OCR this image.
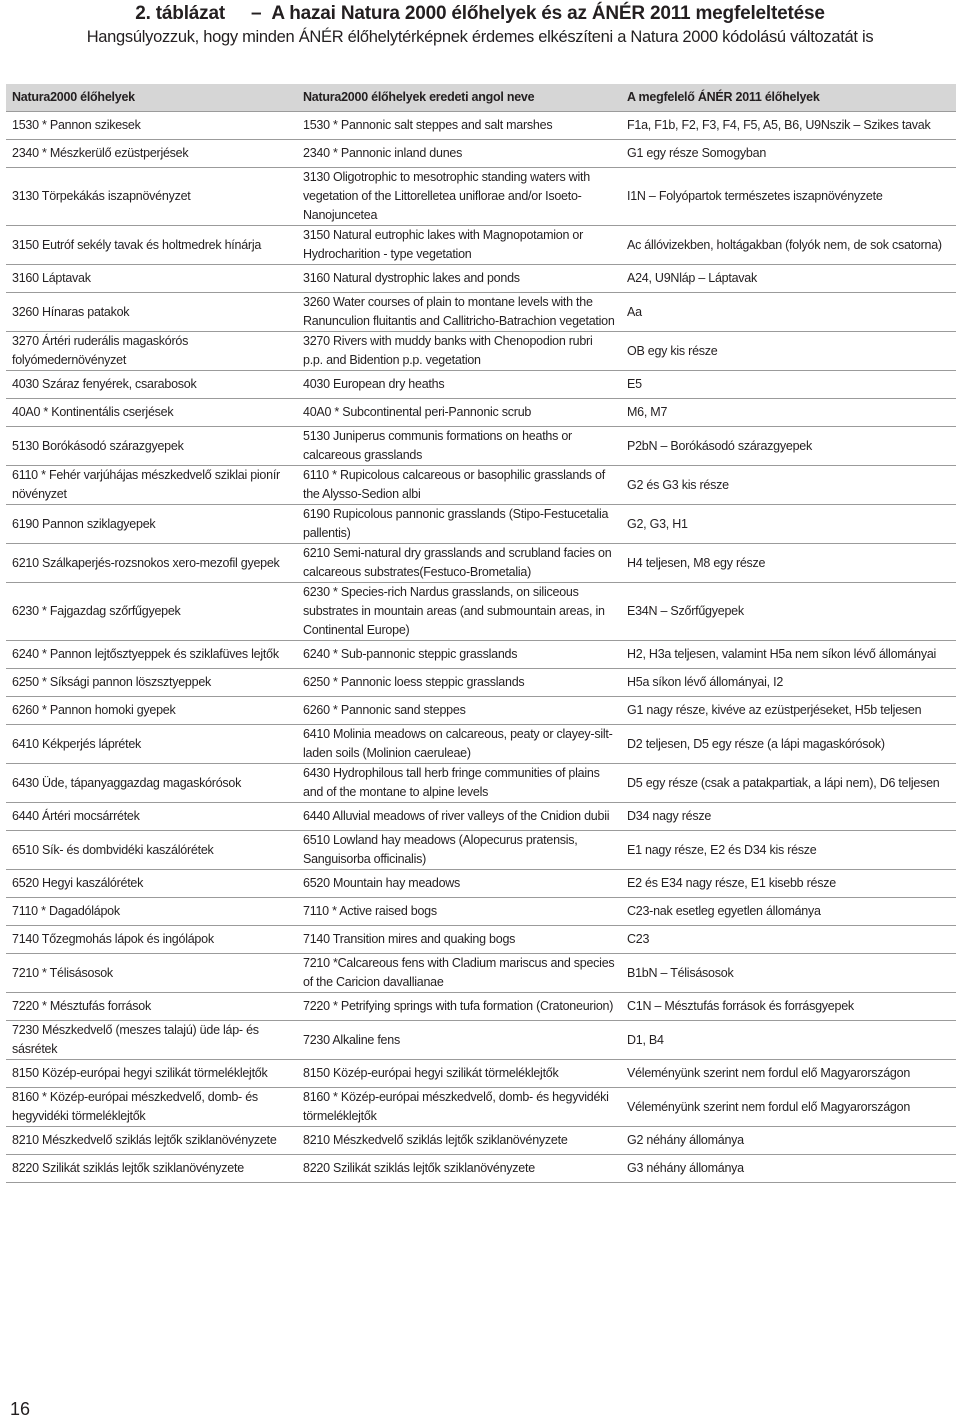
2. táblázat – A hazai Natura 2000 élőhelyek és az ÁNÉR 2011 megfeleltetése
Hangsúlyozzuk, hogy minden ÁNÉR élőhelytérképnek érdemes elkészíteni a Natura 2000 kódolású változatát is
Natura2000 élőhelyek	Natura2000 élőhelyek eredeti angol neve	A megfelelő ÁNÉR 2011 élőhelyek
1530 * Pannon szikesek	1530 * Pannonic salt steppes and salt marshes	F1a, F1b, F2, F3, F4, F5, A5, B6, U9Nszik – Szikes tavak
2340 * Mészkerülő ezüstperjések	2340 * Pannonic inland dunes	G1 egy része Somogyban
3130 Törpekákás iszapnövényzet	3130 Oligotrophic to mesotrophic standing waters with vegetation of the Littorelletea uniflorae and/or Isoeto-Nanojuncetea	I1N – Folyópartok természetes iszapnövényzete
3150 Eutróf sekély tavak és holtmedrek hínárja	3150 Natural eutrophic lakes with Magnopotamion or Hydrocharition - type vegetation	Ac állóvizekben, holtágakban (folyók nem, de sok csatorna)
3160 Láptavak	3160 Natural dystrophic lakes and ponds	A24, U9Nláp – Láptavak
3260 Hínaras patakok	3260 Water courses of plain to montane levels with the Ranunculion fluitantis and Callitricho-Batrachion vegetation	Aa
3270 Ártéri ruderális magaskórós folyómedernövényzet	3270 Rivers with muddy banks with Chenopodion rubri p.p. and Bidention p.p. vegetation	OB egy kis része
4030 Száraz fenyérek, csarabosok	4030 European dry heaths	E5
40A0 * Kontinentális cserjések	40A0 * Subcontinental peri-Pannonic scrub	M6, M7
5130 Borókásodó szárazgyepek	5130 Juniperus communis formations on heaths or calcareous grasslands	P2bN – Borókásodó szárazgyepek
6110 * Fehér varjúhájas mészkedvelő sziklai pionír növényzet	6110 * Rupicolous calcareous or basophilic grasslands of the Alysso-Sedion albi	G2 és G3 kis része
6190 Pannon sziklagyepek	6190 Rupicolous pannonic grasslands (Stipo-Festucetalia pallentis)	G2, G3, H1
6210 Szálkaperjés-rozsnokos xero-mezofil gyepek	6210 Semi-natural dry grasslands and scrubland facies on calcareous substrates(Festuco-Brometalia)	H4 teljesen, M8 egy része
6230 * Fajgazdag szőrfűgyepek	6230 * Species-rich Nardus grasslands, on siliceous substrates in mountain areas (and submountain areas, in Continental Europe)	E34N – Szőrfűgyepek
6240 * Pannon lejtősztyeppek és sziklafüves lejtők	6240 * Sub-pannonic steppic grasslands	H2, H3a teljesen, valamint H5a nem síkon lévő állományai
6250 * Síksági pannon löszsztyeppek	6250 * Pannonic loess steppic grasslands	H5a síkon lévő állományai, I2
6260 * Pannon homoki gyepek	6260 * Pannonic sand steppes	G1 nagy része, kivéve az ezüstperjéseket, H5b teljesen
6410 Kékperjés láprétek	6410 Molinia meadows on calcareous, peaty or clayey-silt-laden soils (Molinion caeruleae)	D2 teljesen, D5 egy része (a lápi magaskórósok)
6430 Üde, tápanyaggazdag magaskórósok	6430 Hydrophilous tall herb fringe communities of plains and of the montane to alpine levels	D5 egy része (csak a patakpartiak, a lápi nem), D6 teljesen
6440 Ártéri mocsárrétek	6440 Alluvial meadows of river valleys of the Cnidion dubii	D34 nagy része
6510 Sík- és dombvidéki kaszálórétek	6510 Lowland hay meadows (Alopecurus pratensis, Sanguisorba officinalis)	E1 nagy része, E2 és D34 kis része
6520 Hegyi kaszálórétek	6520 Mountain hay meadows	E2 és E34 nagy része, E1 kisebb része
7110 * Dagadólápok	7110 * Active raised bogs	C23-nak esetleg egyetlen állománya
7140 Tőzegmohás lápok és ingólápok	7140 Transition mires and quaking bogs	C23
7210 * Télisásosok	7210 *Calcareous fens with Cladium mariscus and species of the Caricion davallianae	B1bN – Télisásosok
7220 * Mésztufás források	7220 * Petrifying springs with tufa formation (Cratoneurion)	C1N – Mésztufás források és forrásgyepek
7230 Mészkedvelő (meszes talajú) üde láp- és sásrétek	7230 Alkaline fens	D1, B4
8150 Közép-európai hegyi szilikát törmeléklejtők	8150 Közép-európai hegyi szilikát törmeléklejtők	Véleményünk szerint nem fordul elő Magyarországon
8160 * Közép-európai mészkedvelő, domb- és hegyvidéki törmeléklejtők	8160 * Közép-európai mészkedvelő, domb- és hegyvidéki törmeléklejtők	Véleményünk szerint nem fordul elő Magyarországon
8210 Mészkedvelő sziklás lejtők sziklanövényzete	8210 Mészkedvelő sziklás lejtők sziklanövényzete	G2 néhány állománya
8220 Szilikát sziklás lejtők sziklanövényzete	8220 Szilikát sziklás lejtők sziklanövényzete	G3 néhány állománya
16
